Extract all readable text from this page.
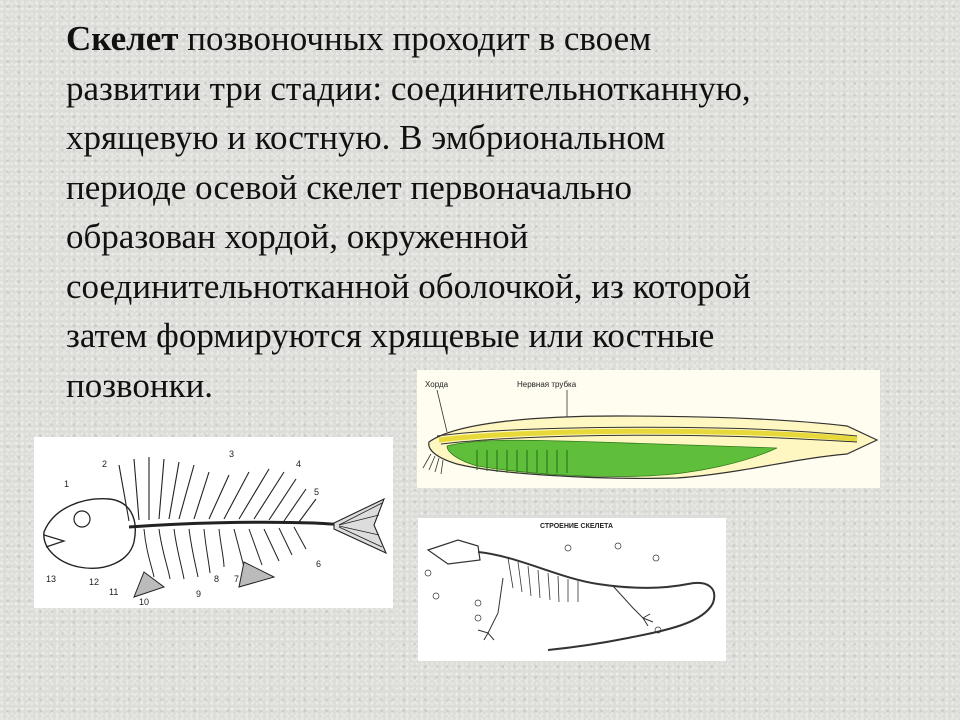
Скелет позвоночных проходит в своем
развитии три стадии: соединительнотканную,
хрящевую и костную. В эмбриональном
периоде осевой скелет первоначально
образован хордой, окруженной
соединительнотканной оболочкой, из которой
затем формируются хрящевые или костные
позвонки.	Хорда	Нервная трубка
1
2
3
4
5
6
7
8
9
10
11
12
13
СТРОЕНИЕ СКЕЛЕТА
